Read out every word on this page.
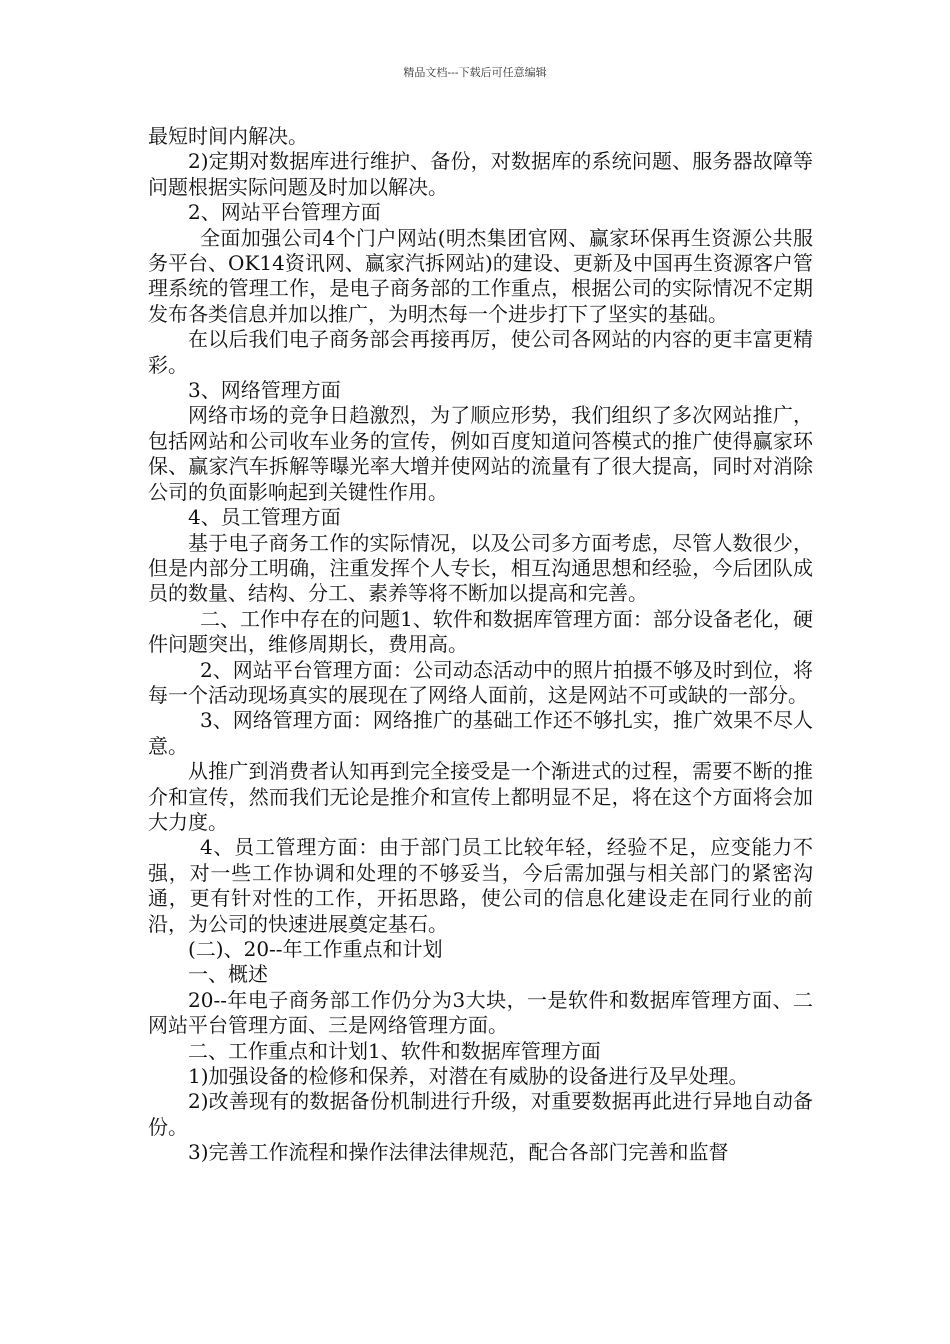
精品文档---下载后可任意编辑

最短时间内解决。

2)定期对数据库进行维护、备份，对数据库的系统问题、服务器故障等问题根据实际问题及时加以解决。

2、网站平台管理方面

全面加强公司4个门户网站(明杰集团官网、赢家环保再生资源公共服务平台、OK14资讯网、赢家汽拆网站)的建设、更新及中国再生资源客户管理系统的管理工作，是电子商务部的工作重点，根据公司的实际情况不定期发布各类信息并加以推广，为明杰每一个进步打下了坚实的基础。

在以后我们电子商务部会再接再厉，使公司各网站的内容的更丰富更精彩。

3、网络管理方面

网络市场的竞争日趋激烈，为了顺应形势，我们组织了多次网站推广，包括网站和公司收车业务的宣传，例如百度知道问答模式的推广使得赢家环保、赢家汽车拆解等曝光率大增并使网站的流量有了很大提高，同时对消除公司的负面影响起到关键性作用。

4、员工管理方面

基于电子商务工作的实际情况，以及公司多方面考虑，尽管人数很少，但是内部分工明确，注重发挥个人专长，相互沟通思想和经验，今后团队成员的数量、结构、分工、素养等将不断加以提高和完善。

二、工作中存在的问题1、软件和数据库管理方面：部分设备老化，硬件问题突出，维修周期长，费用高。

2、网站平台管理方面：公司动态活动中的照片拍摄不够及时到位，将每一个活动现场真实的展现在了网络人面前，这是网站不可或缺的一部分。

3、网络管理方面：网络推广的基础工作还不够扎实，推广效果不尽人意。

从推广到消费者认知再到完全接受是一个渐进式的过程，需要不断的推介和宣传，然而我们无论是推介和宣传上都明显不足，将在这个方面将会加大力度。

4、员工管理方面：由于部门员工比较年轻，经验不足，应变能力不强，对一些工作协调和处理的不够妥当，今后需加强与相关部门的紧密沟通，更有针对性的工作，开拓思路，使公司的信息化建设走在同行业的前沿，为公司的快速进展奠定基石。

(二)、20--年工作重点和计划

一、概述

20--年电子商务部工作仍分为3大块，一是软件和数据库管理方面、二网站平台管理方面、三是网络管理方面。

二、工作重点和计划1、软件和数据库管理方面

1)加强设备的检修和保养，对潜在有威胁的设备进行及早处理。

2)改善现有的数据备份机制进行升级，对重要数据再此进行异地自动备份。

3)完善工作流程和操作法律法律规范，配合各部门完善和监督
